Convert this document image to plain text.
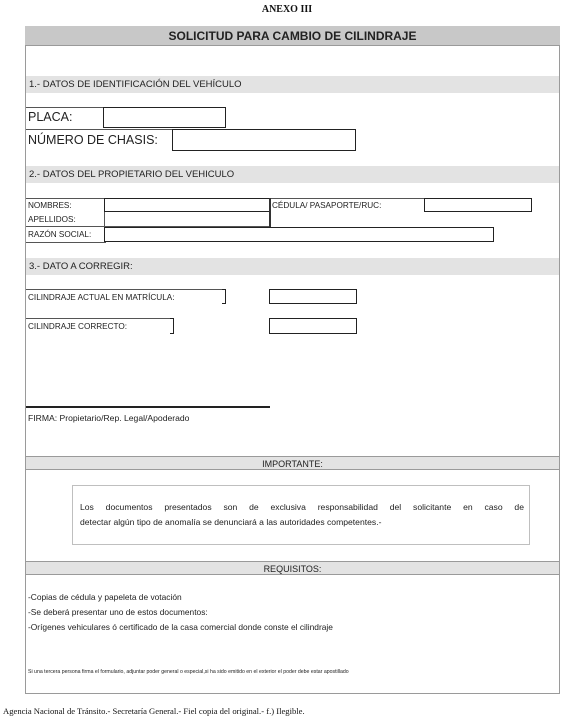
ANEXO III
SOLICITUD PARA CAMBIO DE CILINDRAJE
1.- DATOS DE IDENTIFICACIÓN DEL VEHÍCULO
PLACA:
NÚMERO DE CHASIS:
2.- DATOS DEL PROPIETARIO DEL VEHICULO
NOMBRES:	CÉDULA/ PASAPORTE/RUC:
APELLIDOS:
RAZÓN SOCIAL:
3.- DATO A CORREGIR:
CILINDRAJE ACTUAL EN MATRÍCULA:
CILINDRAJE CORRECTO:
FIRMA: Propietario/Rep. Legal/Apoderado
IMPORTANTE:
Los documentos presentados son de exclusiva responsabilidad del solicitante en caso de
detectar algún tipo de anomalía se denunciará a las autoridades competentes.-
REQUISITOS:
-Copias de cédula y papeleta de votación
-Se deberá presentar uno de estos documentos:
-Orígenes vehiculares ó certificado de la casa comercial donde conste el cilindraje
Si una tercera persona firma el formulario, adjuntar poder general o especial,si ha sido emitido en el exterior el poder debe estar apostillado
Agencia Nacional de Tránsito.- Secretaría General.- Fiel copia del original.- f.) Ilegible.
